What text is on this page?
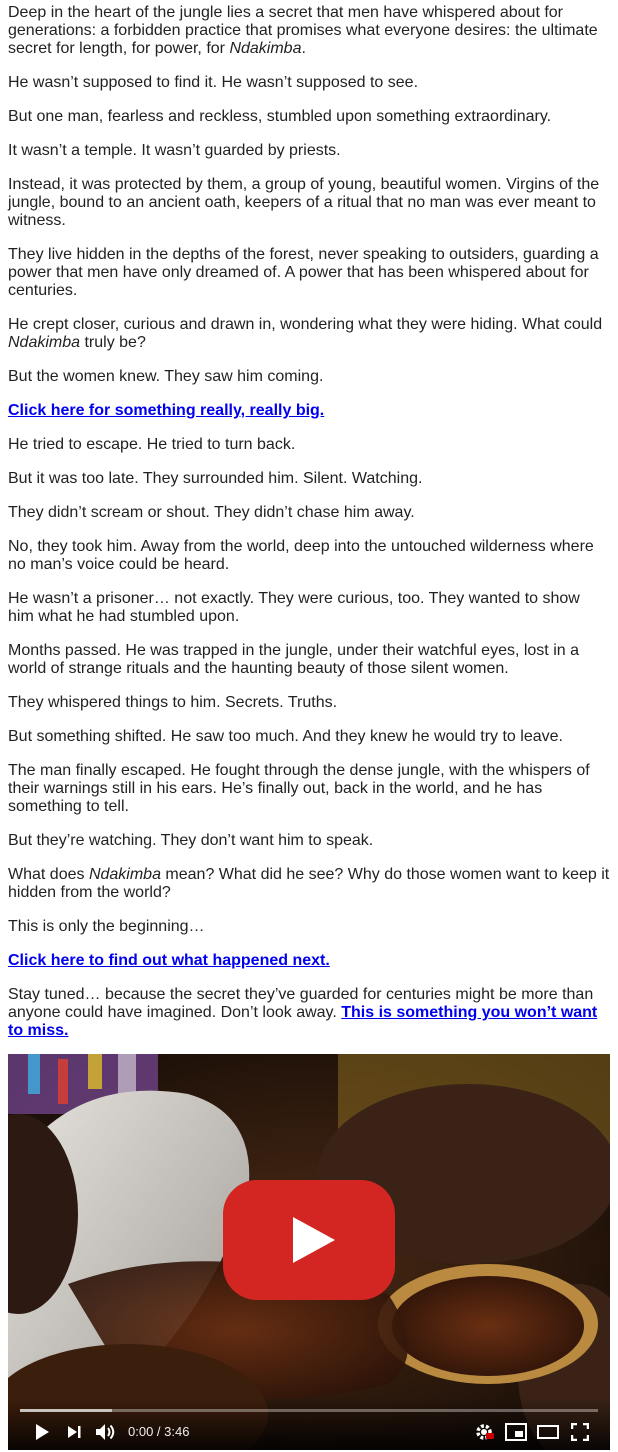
Deep in the heart of the jungle lies a secret that men have whispered about for generations: a forbidden practice that promises what everyone desires: the ultimate secret for length, for power, for Ndakimba.

He wasn’t supposed to find it. He wasn’t supposed to see.

But one man, fearless and reckless, stumbled upon something extraordinary.

It wasn’t a temple. It wasn’t guarded by priests.

Instead, it was protected by them, a group of young, beautiful women. Virgins of the jungle, bound to an ancient oath, keepers of a ritual that no man was ever meant to witness.

They live hidden in the depths of the forest, never speaking to outsiders, guarding a power that men have only dreamed of. A power that has been whispered about for centuries.

He crept closer, curious and drawn in, wondering what they were hiding. What could Ndakimba truly be?

But the women knew. They saw him coming.

Click here for something really, really big.

He tried to escape. He tried to turn back.

But it was too late. They surrounded him. Silent. Watching.

They didn’t scream or shout. They didn’t chase him away.

No, they took him. Away from the world, deep into the untouched wilderness where no man’s voice could be heard.

He wasn’t a prisoner… not exactly. They were curious, too. They wanted to show him what he had stumbled upon.

Months passed. He was trapped in the jungle, under their watchful eyes, lost in a world of strange rituals and the haunting beauty of those silent women.

They whispered things to him. Secrets. Truths.

But something shifted. He saw too much. And they knew he would try to leave.

The man finally escaped. He fought through the dense jungle, with the whispers of their warnings still in his ears. He’s finally out, back in the world, and he has something to tell.

But they’re watching. They don’t want him to speak.

What does Ndakimba mean? What did he see? Why do those women want to keep it hidden from the world?

This is only the beginning…

Click here to find out what happened next.

Stay tuned… because the secret they’ve guarded for centuries might be more than anyone could have imagined. Don’t look away. This is something you won’t want to miss.

0:00 / 3:46
